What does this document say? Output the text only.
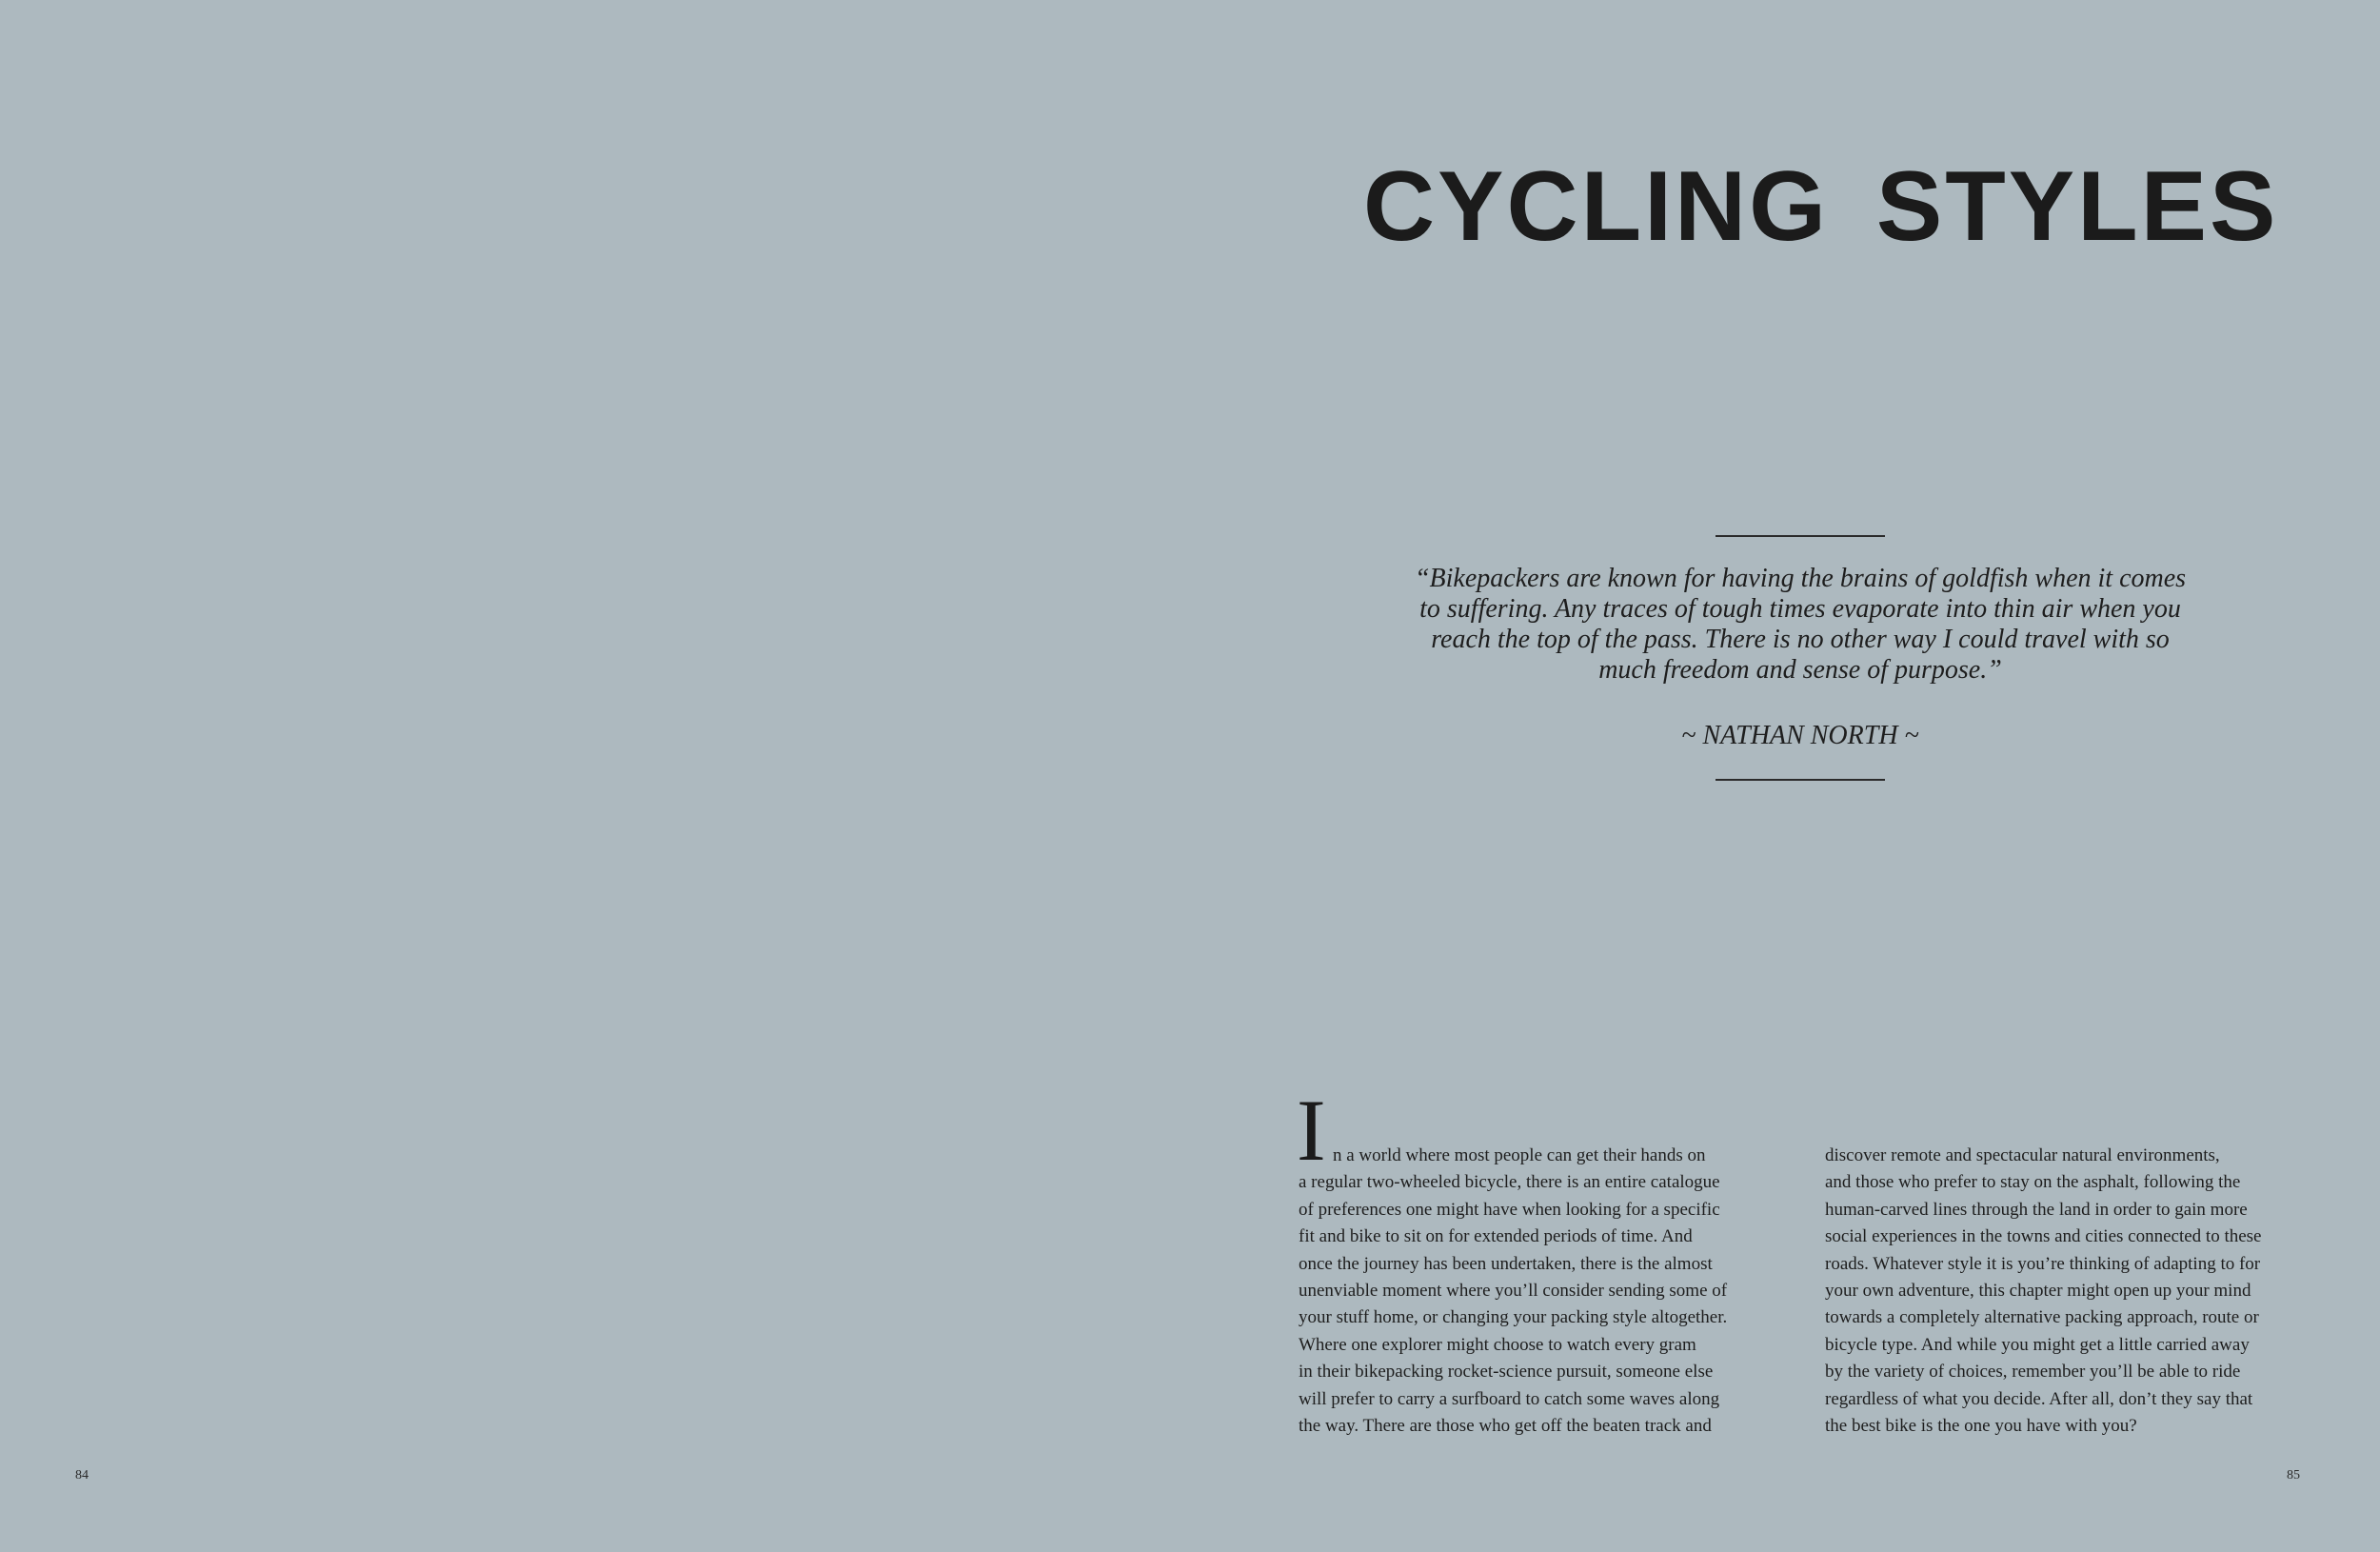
CYCLING STYLES

“Bikepackers are known for having the brains of goldfish when it comes
to suffering. Any traces of tough times evaporate into thin air when you
reach the top of the pass. There is no other way I could travel with so
much freedom and sense of purpose.”

~ NATHAN NORTH ~
I n a world where most people can get their hands on
a regular two-wheeled bicycle, there is an entire catalogue
of preferences one might have when looking for a specific
fit and bike to sit on for extended periods of time. And
once the journey has been undertaken, there is the almost
unenviable moment where you’ll consider sending some of
your stuff home, or changing your packing style altogether.
Where one explorer might choose to watch every gram
in their bikepacking rocket-science pursuit, someone else
will prefer to carry a surfboard to catch some waves along
the way. There are those who get off the beaten track and
discover remote and spectacular natural environments,
and those who prefer to stay on the asphalt, following the
human-carved lines through the land in order to gain more
social experiences in the towns and cities connected to these
roads. Whatever style it is you’re thinking of adapting to for
your own adventure, this chapter might open up your mind
towards a completely alternative packing approach, route or
bicycle type. And while you might get a little carried away
by the variety of choices, remember you’ll be able to ride
regardless of what you decide. After all, don’t they say that
the best bike is the one you have with you?
84	85
